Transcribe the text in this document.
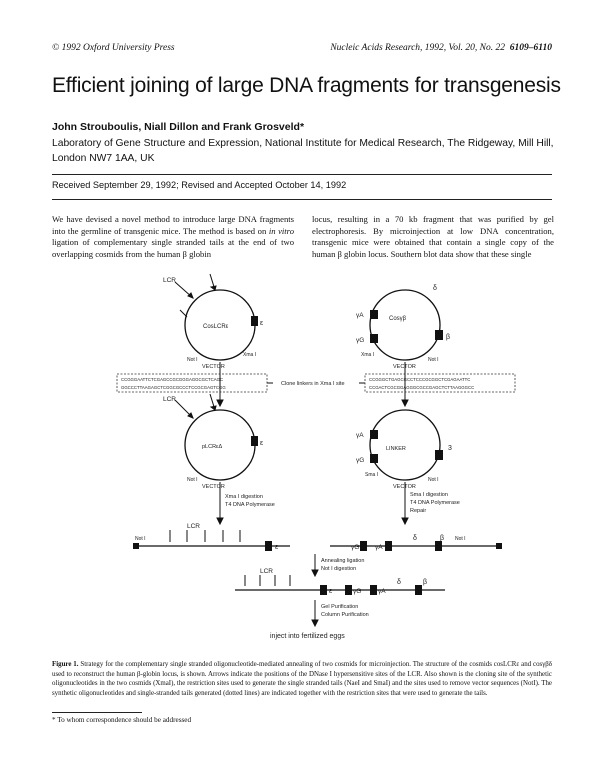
© 1992 Oxford University Press	Nucleic Acids Research, 1992, Vol. 20, No. 22 6109–6110
Efficient joining of large DNA fragments for transgenesis
John Strouboulis, Niall Dillon and Frank Grosveld*
Laboratory of Gene Structure and Expression, National Institute for Medical Research, The Ridgeway, Mill Hill, London NW7 1AA, UK
Received September 29, 1992; Revised and Accepted October 14, 1992
We have devised a novel method to introduce large DNA fragments into the germline of transgenic mice. The method is based on in vitro ligation of complementary single stranded tails at the end of two overlapping cosmids from the human β globin
locus, resulting in a 70 kb fragment that was purified by gel electrophoresis. By microinjection at low DNA concentration, transgenic mice were obtained that contain a single copy of the human β globin locus. Southern blot data show that these single
LCR
ε
CosLCRε
VECTOR
Not I
Xma I
Cosγβ
γA
γG
δ
β
VECTOR
Xma I
Not I
CCGGGAATTCTCGAGCCGCGGGAGGCGCTCAGC
GGCCCTTAAGAGCTCGGCGCCCTCCGCGAGTCGG
CCGGGCTGAGCGCCTCCCGCGGCTCGAGAATTC
CCGACTCGCGGAGGGCGCCGAGCTCTTAAGGGCC
Clone linkers in Xma I site
LCR
ε
pLCRεΔ
VECTOR
Not I
γA
γG
3
LINKER
VECTOR
Sma I
Not I
Xma I digestion
T4 DNA Polymerase
Sma I digestion
T4 DNA Polymerase
Repair
LCR
ε	γG γA
δ	β
Not I	Not I
Annealing ligation
Not I digestion
LCR
ε	γG	γA
δ	β
Gel Purification
Column Purification
inject into fertilized eggs
Figure 1. Strategy for the complementary single stranded oligonucleotide-mediated annealing of two cosmids for microinjection. The structure of the cosmids cosLCRε and cosγβδ used to reconstruct the human β-globin locus, is shown. Arrows indicate the positions of the DNase I hypersensitive sites of the LCR. Also shown is the cloning site of the synthetic oligonucleotides in the two cosmids (XmaI), the restriction sites used to generate the single stranded tails (NaeI and SmaI) and the sites used to remove vector sequences (NotI). The synthetic oligonucleotides and single-stranded tails generated (dotted lines) are indicated together with the restriction sites that were used to generate the tails.
* To whom correspondence should be addressed
